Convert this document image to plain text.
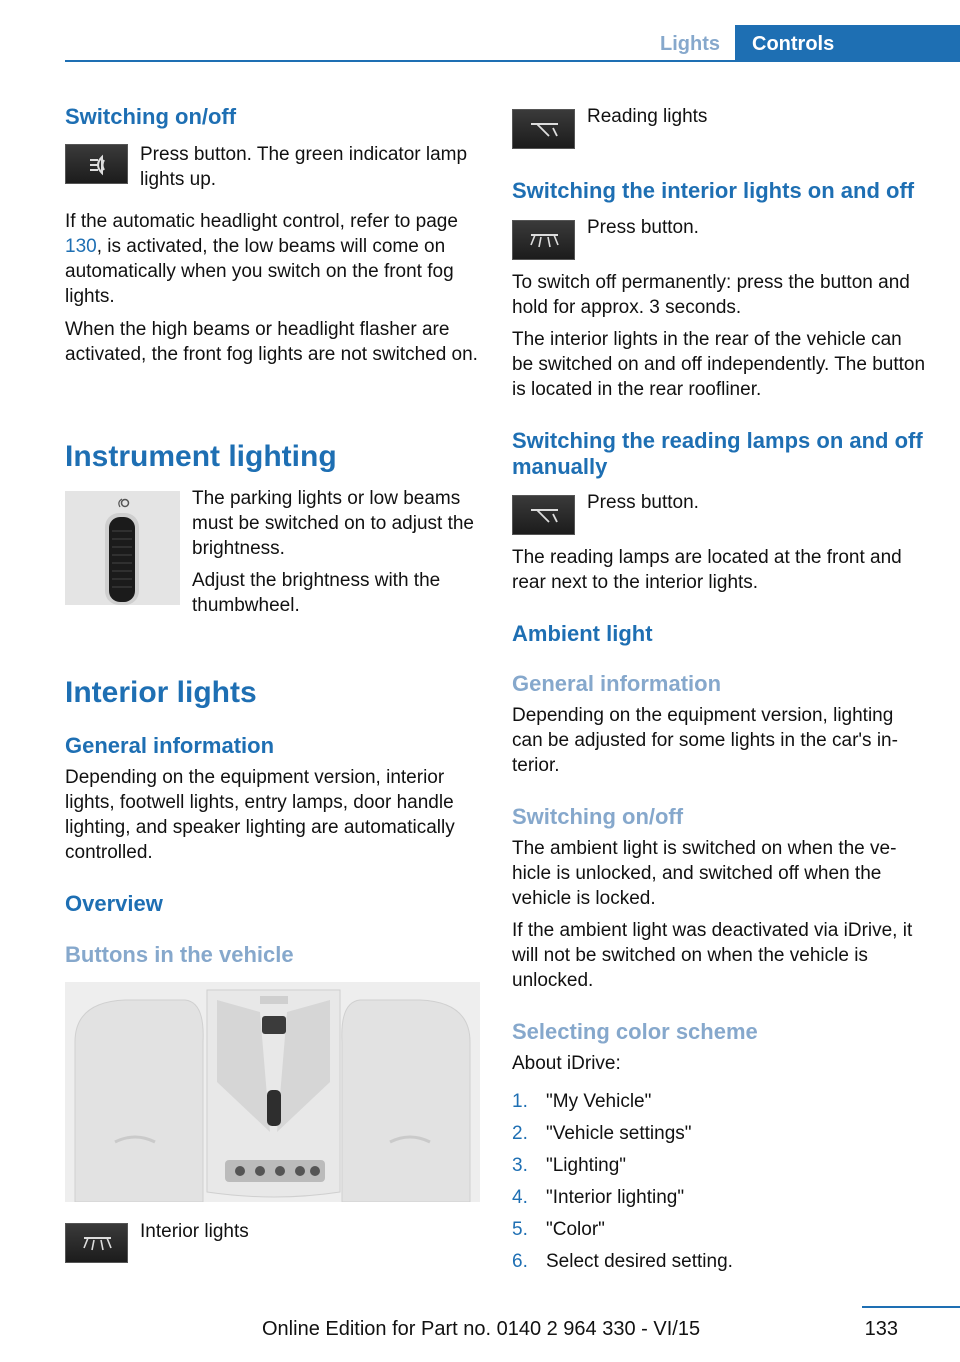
Lights	Controls
Switching on/off

Press button. The green indicator lamp lights up.

If the automatic headlight control, refer to page 130, is activated, the low beams will come on automatically when you switch on the front fog lights.

When the high beams or headlight flasher are activated, the front fog lights are not switched on.

Instrument lighting

The parking lights or low beams must be switched on to adjust the brightness.

Adjust the brightness with the thumbwheel.

Interior lights
General information

Depending on the equipment version, interior lights, footwell lights, entry lamps, door handle lighting, and speaker lighting are automatically controlled.

Overview
Buttons in the vehicle

Interior lights

Reading lights

Switching the interior lights on and off

Press button.

To switch off permanently: press the button and hold for approx. 3 seconds.

The interior lights in the rear of the vehicle can be switched on and off independently. The button is located in the rear roofliner.

Switching the reading lamps on and off manually

Press button.

The reading lamps are located at the front and rear next to the interior lights.

Ambient light
General information

Depending on the equipment version, lighting can be adjusted for some lights in the car's interior.

Switching on/off

The ambient light is switched on when the vehicle is unlocked, and switched off when the vehicle is locked.

If the ambient light was deactivated via iDrive, it will not be switched on when the vehicle is unlocked.

Selecting color scheme

About iDrive:

1. "My Vehicle"
2. "Vehicle settings"
3. "Lighting"
4. "Interior lighting"
5. "Color"
6. Select desired setting.
133
Online Edition for Part no. 0140 2 964 330 - VI/15
